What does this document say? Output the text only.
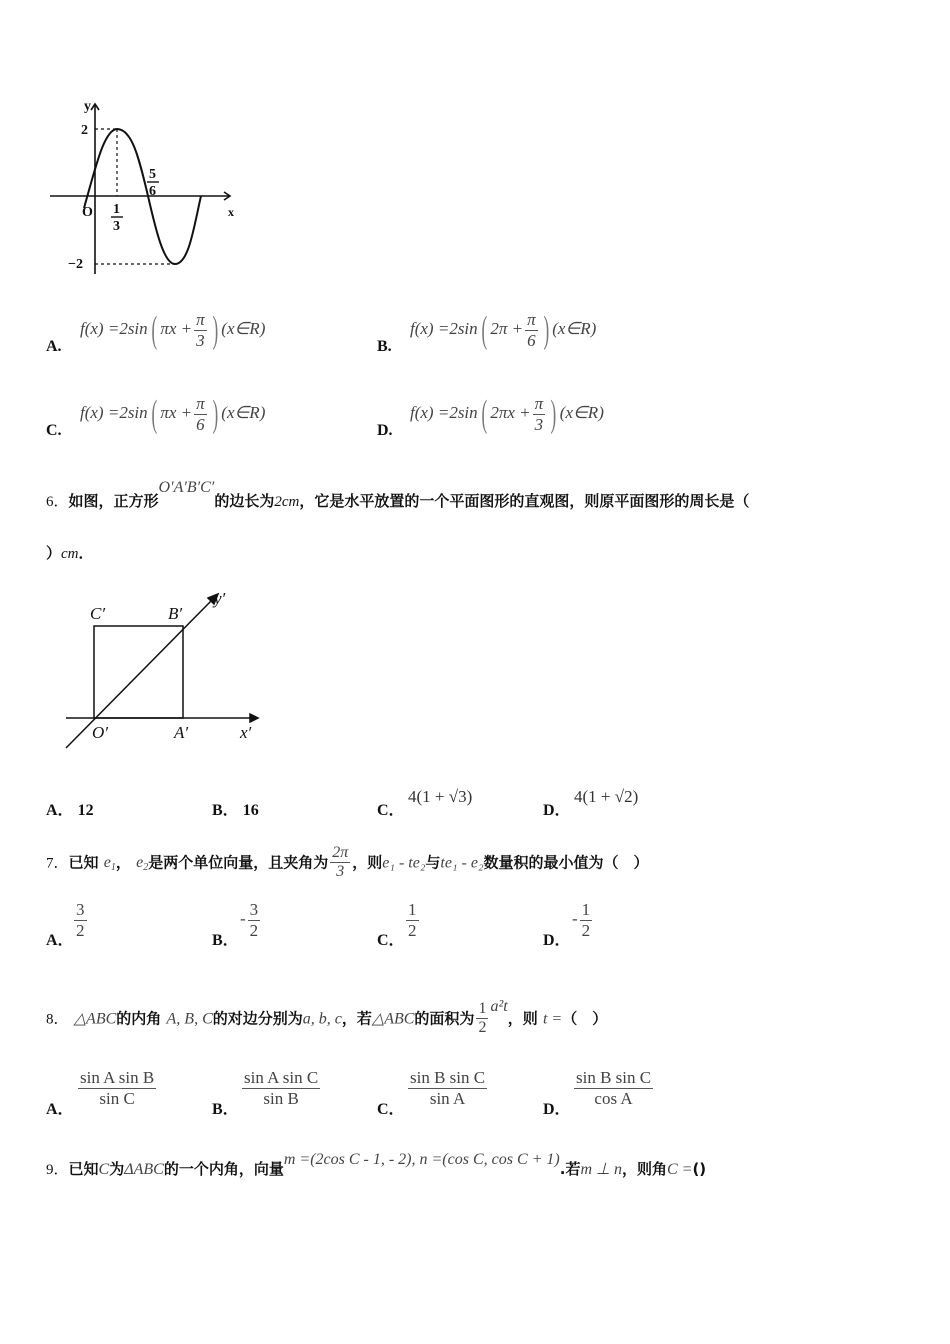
y
x
O
2
−2
1
3
5
6
A.
f(x) =2sin( $\pi x + \frac{\pi}{3}$ ) (x∈R)
B.
f(x) =2sin( $2\pi + \frac{\pi}{6}$ ) (x∈R)
C.
f(x) =2sin( $\pi x + \frac{\pi}{6}$ ) (x∈R)
D.
f(x) =2sin( $2\pi x + \frac{\pi}{3}$ ) (x∈R)
6．如图，正方形O′A′B′C′的边长为2cm，它是水平放置的一个平面图形的直观图，则原平面图形的周长是（
）cm．
C′	B′
y′
O′	A′	x′
A． 12	B． 16	C．
4(1 + √3)
D．
4(1 + √2)
7．已知 $e_1$， $e_2$是两个单位向量，且夹角为 $\frac{2\pi}{3}$ ，则e₁ - te₂与te₁ - e₂数量积的最小值为（　）
A．
$\frac{3}{2}$
B．
- $\frac{3}{2}$
C．
$\frac{1}{2}$
D．
- $\frac{1}{2}$
8． △ABC的内角 A, B, C的对边分别为a, b, c，若△ABC的面积为 $\frac{1}{2} a^2t$，则 t =（　）
A．
$\frac{\text{sin A sin B}}{\text{sin C}}$
B．
$\frac{\text{sin A sin C}}{\text{sin B}}$
C．
$\frac{\text{sin B sin C}}{\text{sin A}}$
D．
$\frac{\text{sin B sin C}}{\text{cos A}}$
9．已知C为ΔABC的一个内角，向量m =(2cos C - 1, - 2), n =(cos C, cos C + 1).若m ⊥ n，则角C =()
